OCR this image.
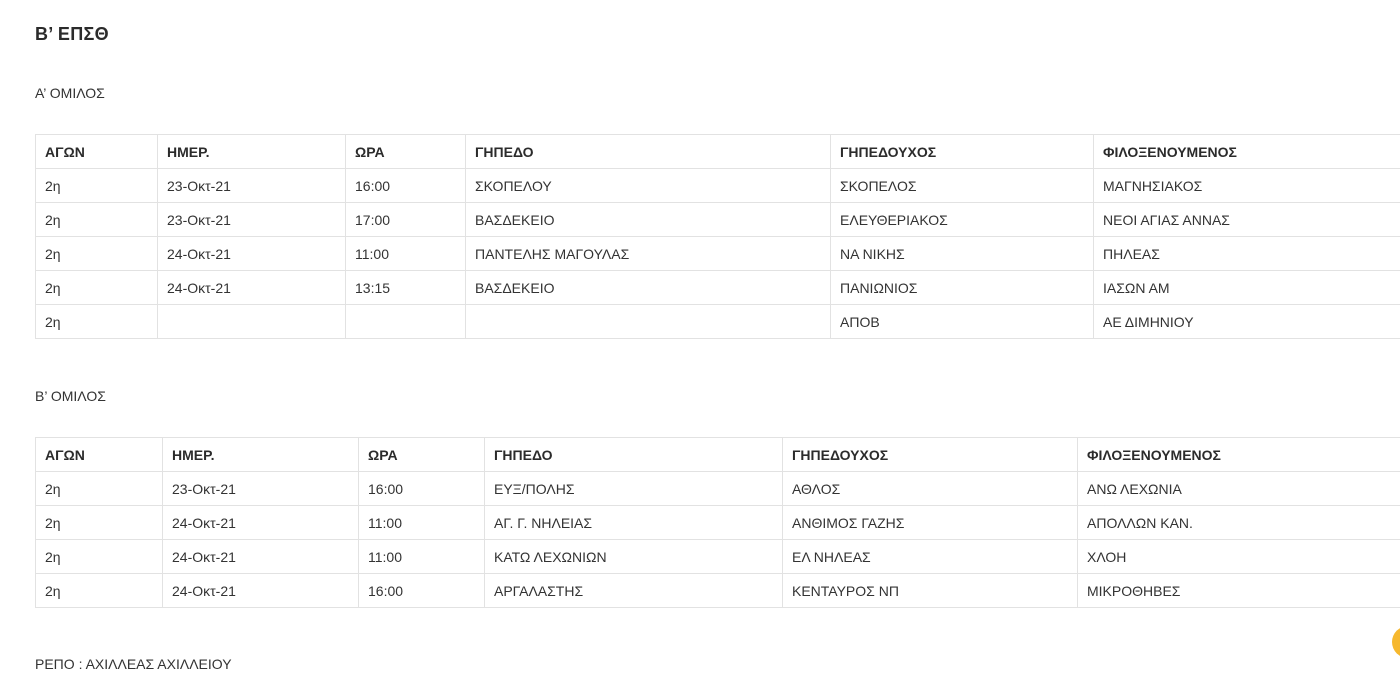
Β’ ΕΠΣΘ

Α’ ΟΜΙΛΟΣ

ΑΓΩΝ	ΗΜΕΡ.	ΩΡΑ	ΓΗΠΕΔΟ	ΓΗΠΕΔΟΥΧΟΣ	ΦΙΛΟΞΕΝΟΥΜΕΝΟΣ
2η	23-Οκτ-21	16:00	ΣΚΟΠΕΛΟΥ	ΣΚΟΠΕΛΟΣ	ΜΑΓΝΗΣΙΑΚΟΣ
2η	23-Οκτ-21	17:00	ΒΑΣΔΕΚΕΙΟ	ΕΛΕΥΘΕΡΙΑΚΟΣ	ΝΕΟΙ ΑΓΙΑΣ ΑΝΝΑΣ
2η	24-Οκτ-21	11:00	ΠΑΝΤΕΛΗΣ ΜΑΓΟΥΛΑΣ	ΝΑ ΝΙΚΗΣ	ΠΗΛΕΑΣ
2η	24-Οκτ-21	13:15	ΒΑΣΔΕΚΕΙΟ	ΠΑΝΙΩΝΙΟΣ	ΙΑΣΩΝ ΑΜ
2η				ΑΠΟΒ	ΑΕ ΔΙΜΗΝΙΟΥ

Β’ ΟΜΙΛΟΣ

ΑΓΩΝ	ΗΜΕΡ.	ΩΡΑ	ΓΗΠΕΔΟ	ΓΗΠΕΔΟΥΧΟΣ	ΦΙΛΟΞΕΝΟΥΜΕΝΟΣ
2η	23-Οκτ-21	16:00	ΕΥΞ/ΠΟΛΗΣ	ΑΘΛΟΣ	ΑΝΩ ΛΕΧΩΝΙΑ
2η	24-Οκτ-21	11:00	ΑΓ. Γ. ΝΗΛΕΙΑΣ	ΑΝΘΙΜΟΣ ΓΑΖΗΣ	ΑΠΟΛΛΩΝ ΚΑΝ.
2η	24-Οκτ-21	11:00	ΚΑΤΩ ΛΕΧΩΝΙΩΝ	ΕΛ ΝΗΛΕΑΣ	ΧΛΟΗ
2η	24-Οκτ-21	16:00	ΑΡΓΑΛΑΣΤΗΣ	ΚΕΝΤΑΥΡΟΣ ΝΠ	ΜΙΚΡΟΘΗΒΕΣ

ΡΕΠΟ : ΑΧΙΛΛΕΑΣ ΑΧΙΛΛΕΙΟΥ
